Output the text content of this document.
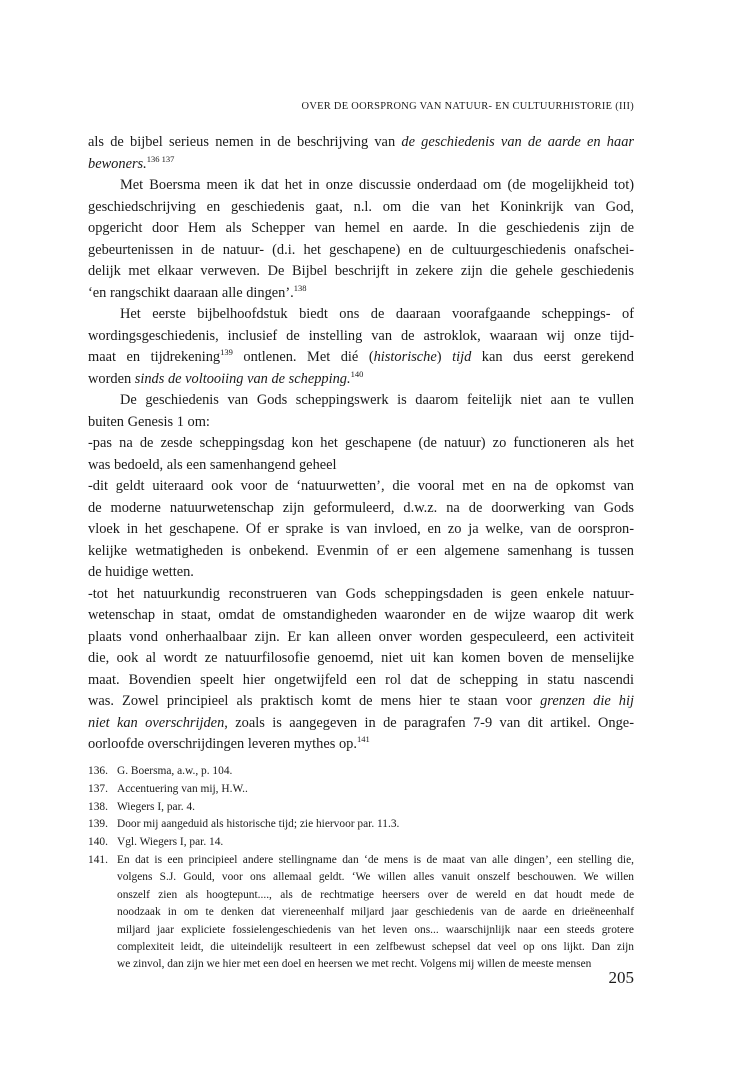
OVER DE OORSPRONG VAN NATUUR- EN CULTUURHISTORIE (III)
als de bijbel serieus nemen in de beschrijving van de geschiedenis van de aarde en haar
bewoners.$^{136 137}$
Met Boersma meen ik dat het in onze discussie onderdaad om (de mogelijkheid tot)
geschiedschrijving en geschiedenis gaat, n.l. om die van het Koninkrijk van God,
opgericht door Hem als Schepper van hemel en aarde. In die geschiedenis zijn de
gebeurtenissen in de natuur- (d.i. het geschapene) en de cultuurgeschiedenis onafschei-
delijk met elkaar verweven. De Bijbel beschrijft in zekere zijn die gehele geschiedenis
‘en rangschikt daaraan alle dingen’.$^{138}$
Het eerste bijbelhoofdstuk biedt ons de daaraan voorafgaande scheppings- of
wordingsgeschiedenis, inclusief de instelling van de astroklok, waaraan wij onze tijd-
maat en tijdrekening$^{139}$ ontlenen. Met dié (historische) tijd kan dus eerst gerekend
worden sinds de voltooiing van de schepping.$^{140}$
De geschiedenis van Gods scheppingswerk is daarom feitelijk niet aan te vullen
buiten Genesis 1 om:
-pas na de zesde scheppingsdag kon het geschapene (de natuur) zo functioneren als het
was bedoeld, als een samenhangend geheel
-dit geldt uiteraard ook voor de ‘natuurwetten’, die vooral met en na de opkomst van
de moderne natuurwetenschap zijn geformuleerd, d.w.z. na de doorwerking van Gods
vloek in het geschapene. Of er sprake is van invloed, en zo ja welke, van de oorspron-
kelijke wetmatigheden is onbekend. Evenmin of er een algemene samenhang is tussen
de huidige wetten.
-tot het natuurkundig reconstrueren van Gods scheppingsdaden is geen enkele natuur-
wetenschap in staat, omdat de omstandigheden waaronder en de wijze waarop dit werk
plaats vond onherhaalbaar zijn. Er kan alleen onver worden gespeculeerd, een activiteit
die, ook al wordt ze natuurfilosofie genoemd, niet uit kan komen boven de menselijke
maat. Bovendien speelt hier ongetwijfeld een rol dat de schepping in statu nascendi
was. Zowel principieel als praktisch komt de mens hier te staan voor grenzen die hij
niet kan overschrijden, zoals is aangegeven in de paragrafen 7-9 van dit artikel. Onge-
oorloofde overschrijdingen leveren mythes op.$^{141}$
136. G. Boersma, a.w., p. 104.
137. Accentuering van mij, H.W..
138. Wiegers I, par. 4.
139. Door mij aangeduid als historische tijd; zie hiervoor par. 11.3.
140. Vgl. Wiegers I, par. 14.
141. En dat is een principieel andere stellingname dan ‘de mens is de maat van alle dingen’, een stelling die,
volgens S.J. Gould, voor ons allemaal geldt. ‘We willen alles vanuit onszelf beschouwen. We willen
onszelf zien als hoogtepunt...., als de rechtmatige heersers over de wereld en dat houdt mede de
noodzaak in om te denken dat viereneenhalf miljard jaar geschiedenis van de aarde en drieëneenhalf
miljard jaar expliciete fossielengeschiedenis van het leven ons... waarschijnlijk naar een steeds grotere
complexiteit leidt, die uiteindelijk resulteert in een zelfbewust schepsel dat veel op ons lijkt. Dan zijn
we zinvol, dan zijn we hier met een doel en heersen we met recht. Volgens mij willen de meeste mensen
205
